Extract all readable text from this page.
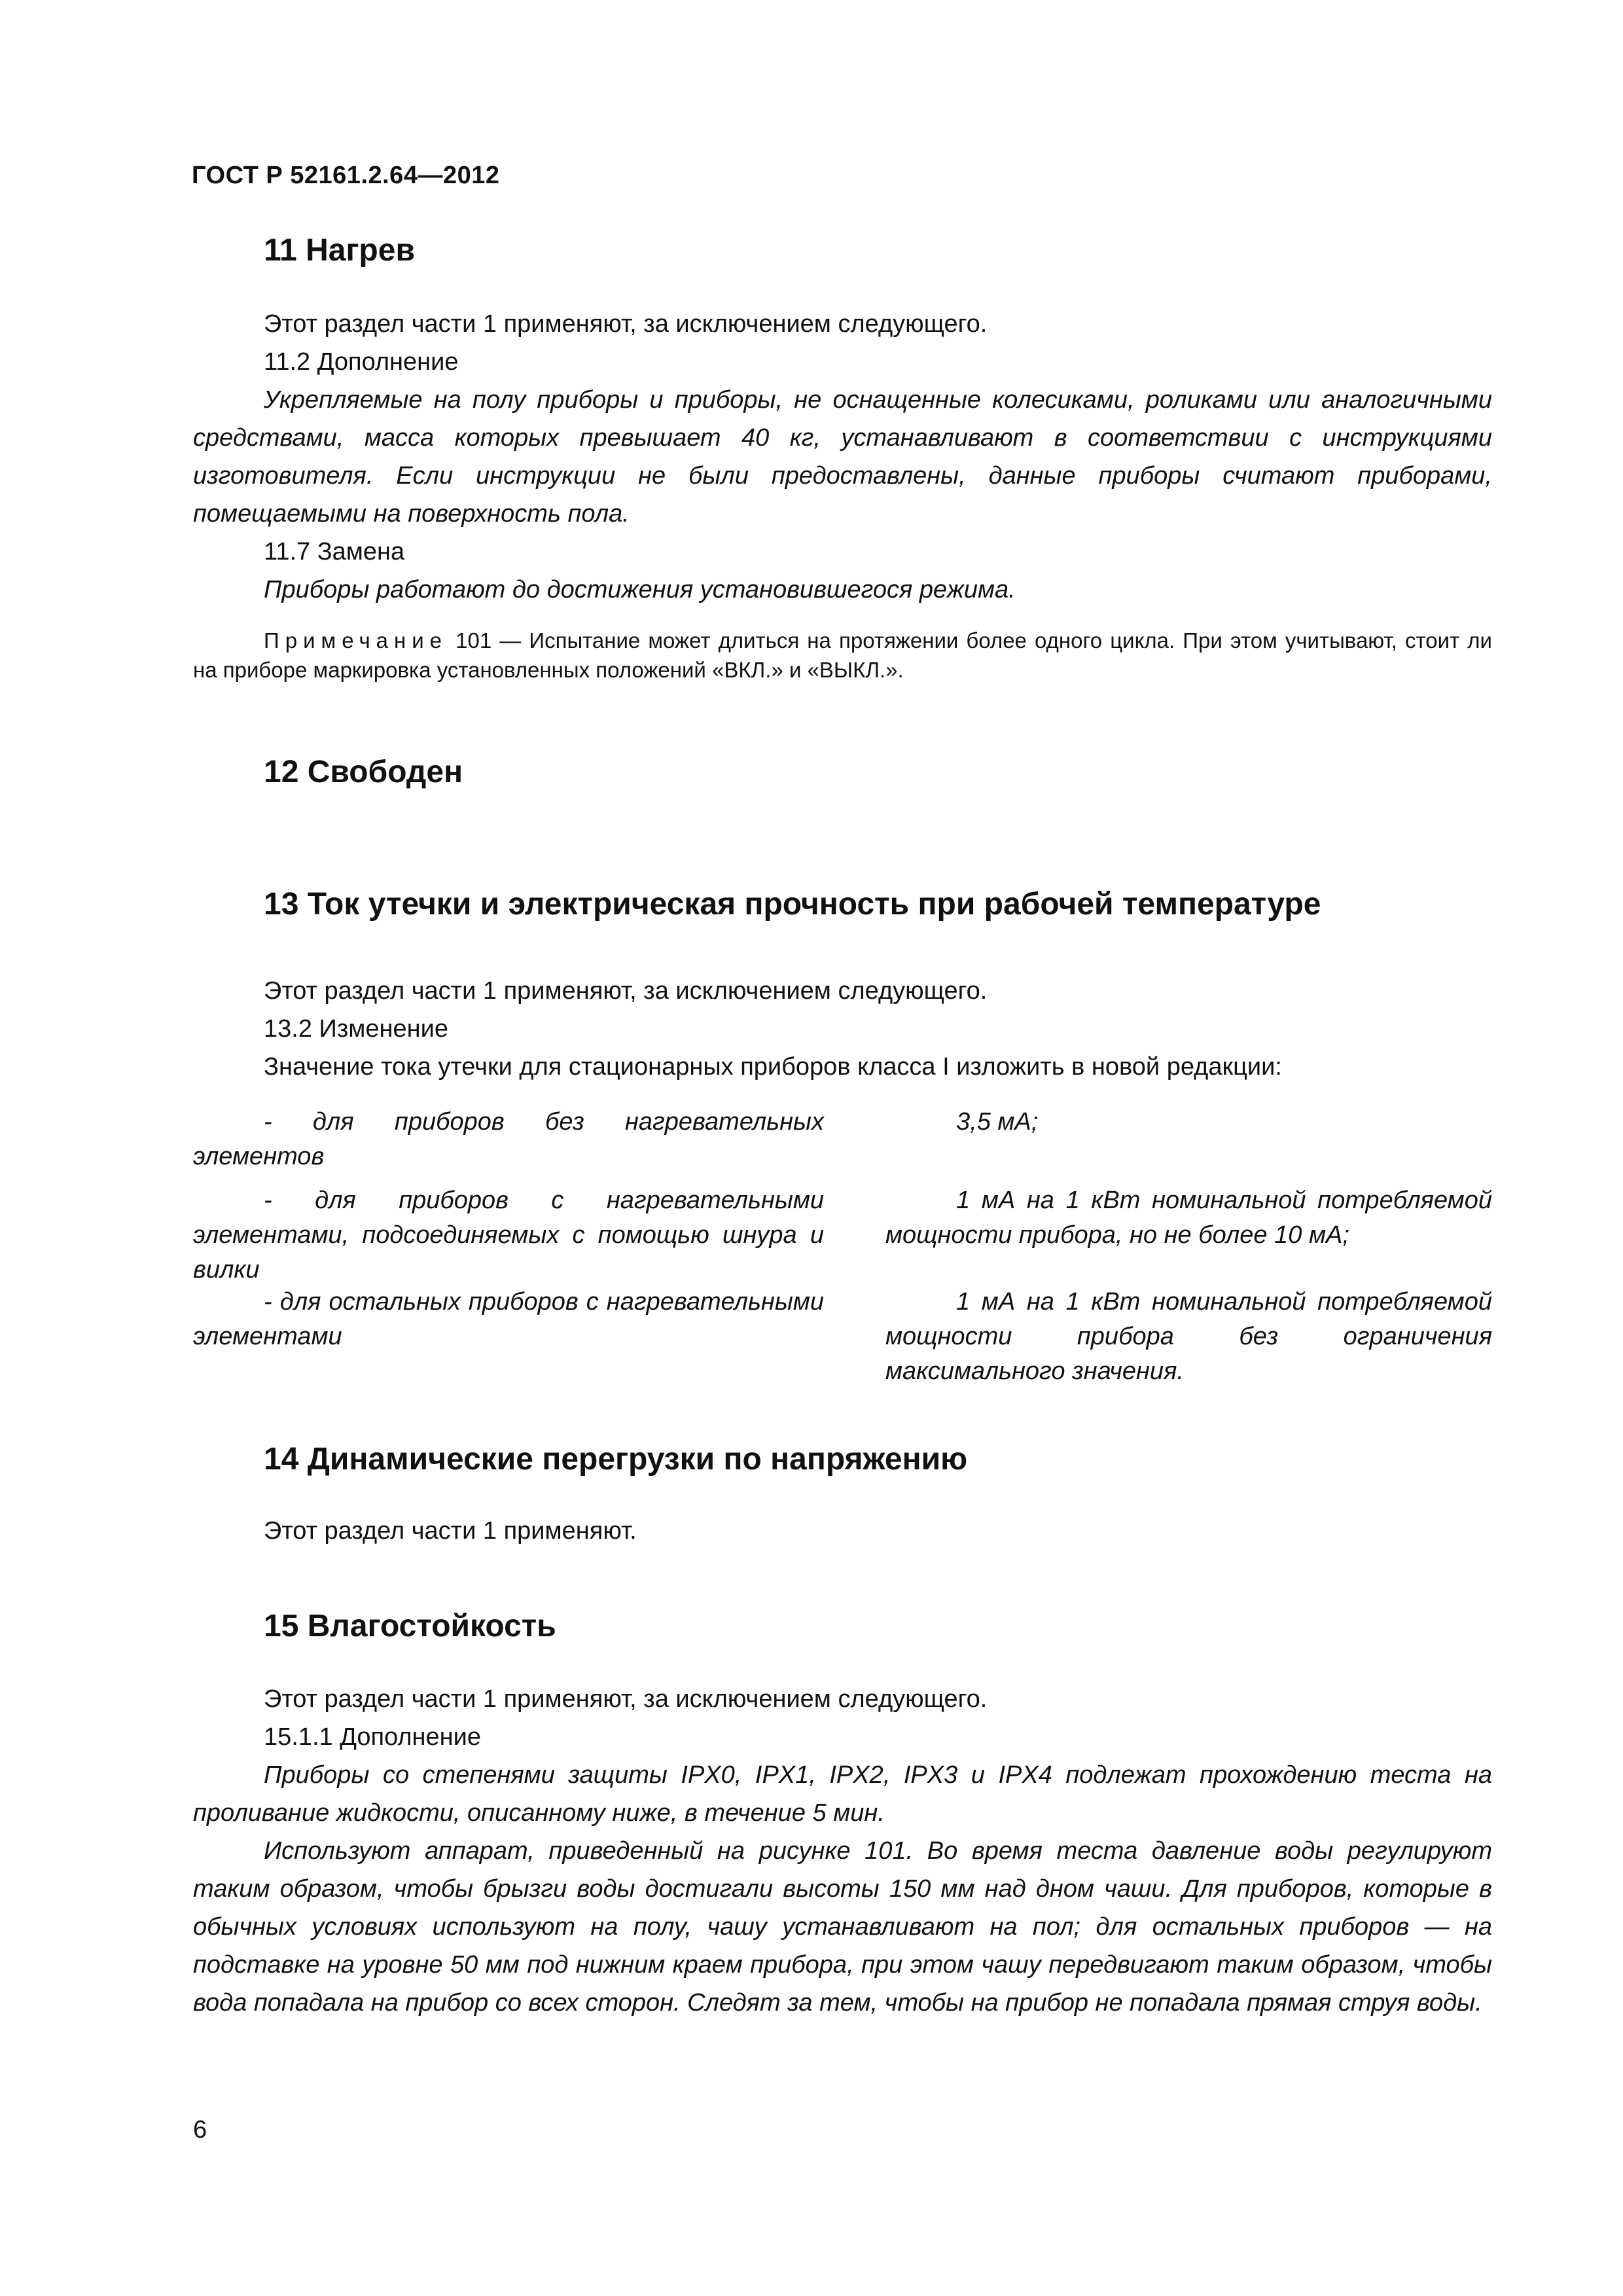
ГОСТ Р 52161.2.64—2012
11 Нагрев
Этот раздел части 1 применяют, за исключением следующего.
11.2 Дополнение
Укрепляемые на полу приборы и приборы, не оснащенные колесиками, роликами или аналогичными средствами, масса которых превышает 40 кг, устанавливают в соответствии с инструкциями изготовителя. Если инструкции не были предоставлены, данные приборы считают приборами, помещаемыми на поверхность пола.
11.7 Замена
Приборы работают до достижения установившегося режима.
Примечание 101 — Испытание может длиться на протяжении более одного цикла. При этом учитывают, стоит ли на приборе маркировка установленных положений «ВКЛ.» и «ВЫКЛ.».
12 Свободен
13 Ток утечки и электрическая прочность при рабочей температуре
Этот раздел части 1 применяют, за исключением следующего.
13.2 Изменение
Значение тока утечки для стационарных приборов класса I изложить в новой редакции:
- для приборов без нагревательных элементов
3,5 мА;
- для приборов с нагревательными элементами, подсоединяемых с помощью шнура и вилки
1 мА на 1 кВт номинальной потребляемой мощности прибора, но не более 10 мА;
- для остальных приборов с нагревательными элементами
1 мА на 1 кВт номинальной потребляемой мощности прибора без ограничения максимального значения.
14 Динамические перегрузки по напряжению
Этот раздел части 1 применяют.
15 Влагостойкость
Этот раздел части 1 применяют, за исключением следующего.
15.1.1 Дополнение
Приборы со степенями защиты IPX0, IPX1, IPX2, IPX3 и IPX4 подлежат прохождению теста на проливание жидкости, описанному ниже, в течение 5 мин.
Используют аппарат, приведенный на рисунке 101. Во время теста давление воды регулируют таким образом, чтобы брызги воды достигали высоты 150 мм над дном чаши. Для приборов, которые в обычных условиях используют на полу, чашу устанавливают на пол; для остальных приборов — на подставке на уровне 50 мм под нижним краем прибора, при этом чашу передвигают таким образом, чтобы вода попадала на прибор со всех сторон. Следят за тем, чтобы на прибор не попадала прямая струя воды.
6
